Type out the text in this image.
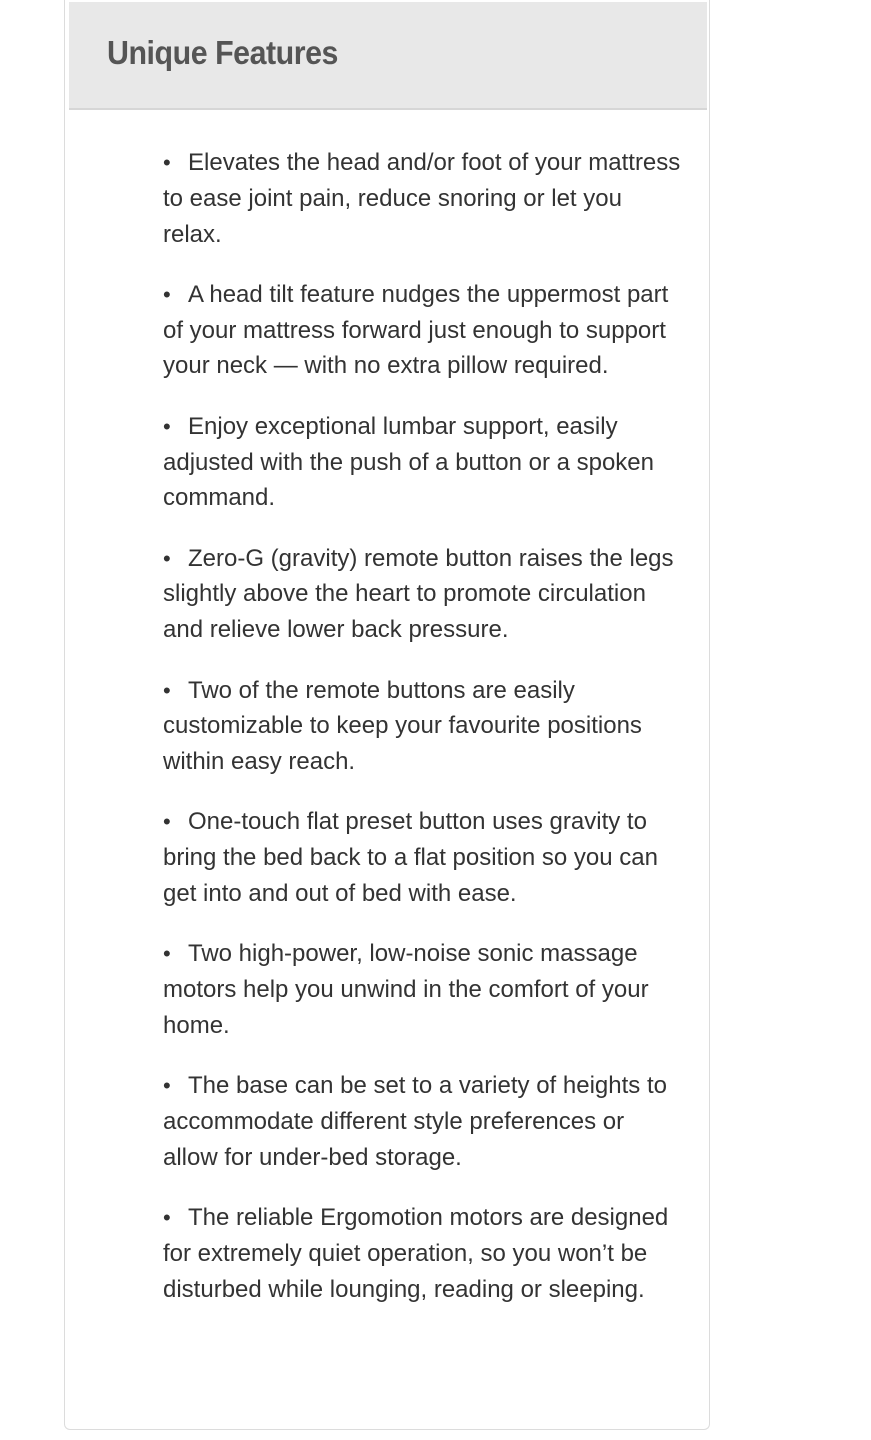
Unique Features
• Elevates the head and/or foot of your mattress to ease joint pain, reduce snoring or let you relax.
• A head tilt feature nudges the uppermost part of your mattress forward just enough to support your neck — with no extra pillow required.
• Enjoy exceptional lumbar support, easily adjusted with the push of a button or a spoken command.
• Zero-G (gravity) remote button raises the legs slightly above the heart to promote circulation and relieve lower back pressure.
• Two of the remote buttons are easily customizable to keep your favourite positions within easy reach.
• One-touch flat preset button uses gravity to bring the bed back to a flat position so you can get into and out of bed with ease.
• Two high-power, low-noise sonic massage motors help you unwind in the comfort of your home.
• The base can be set to a variety of heights to accommodate different style preferences or allow for under-bed storage.
• The reliable Ergomotion motors are designed for extremely quiet operation, so you won’t be disturbed while lounging, reading or sleeping.
